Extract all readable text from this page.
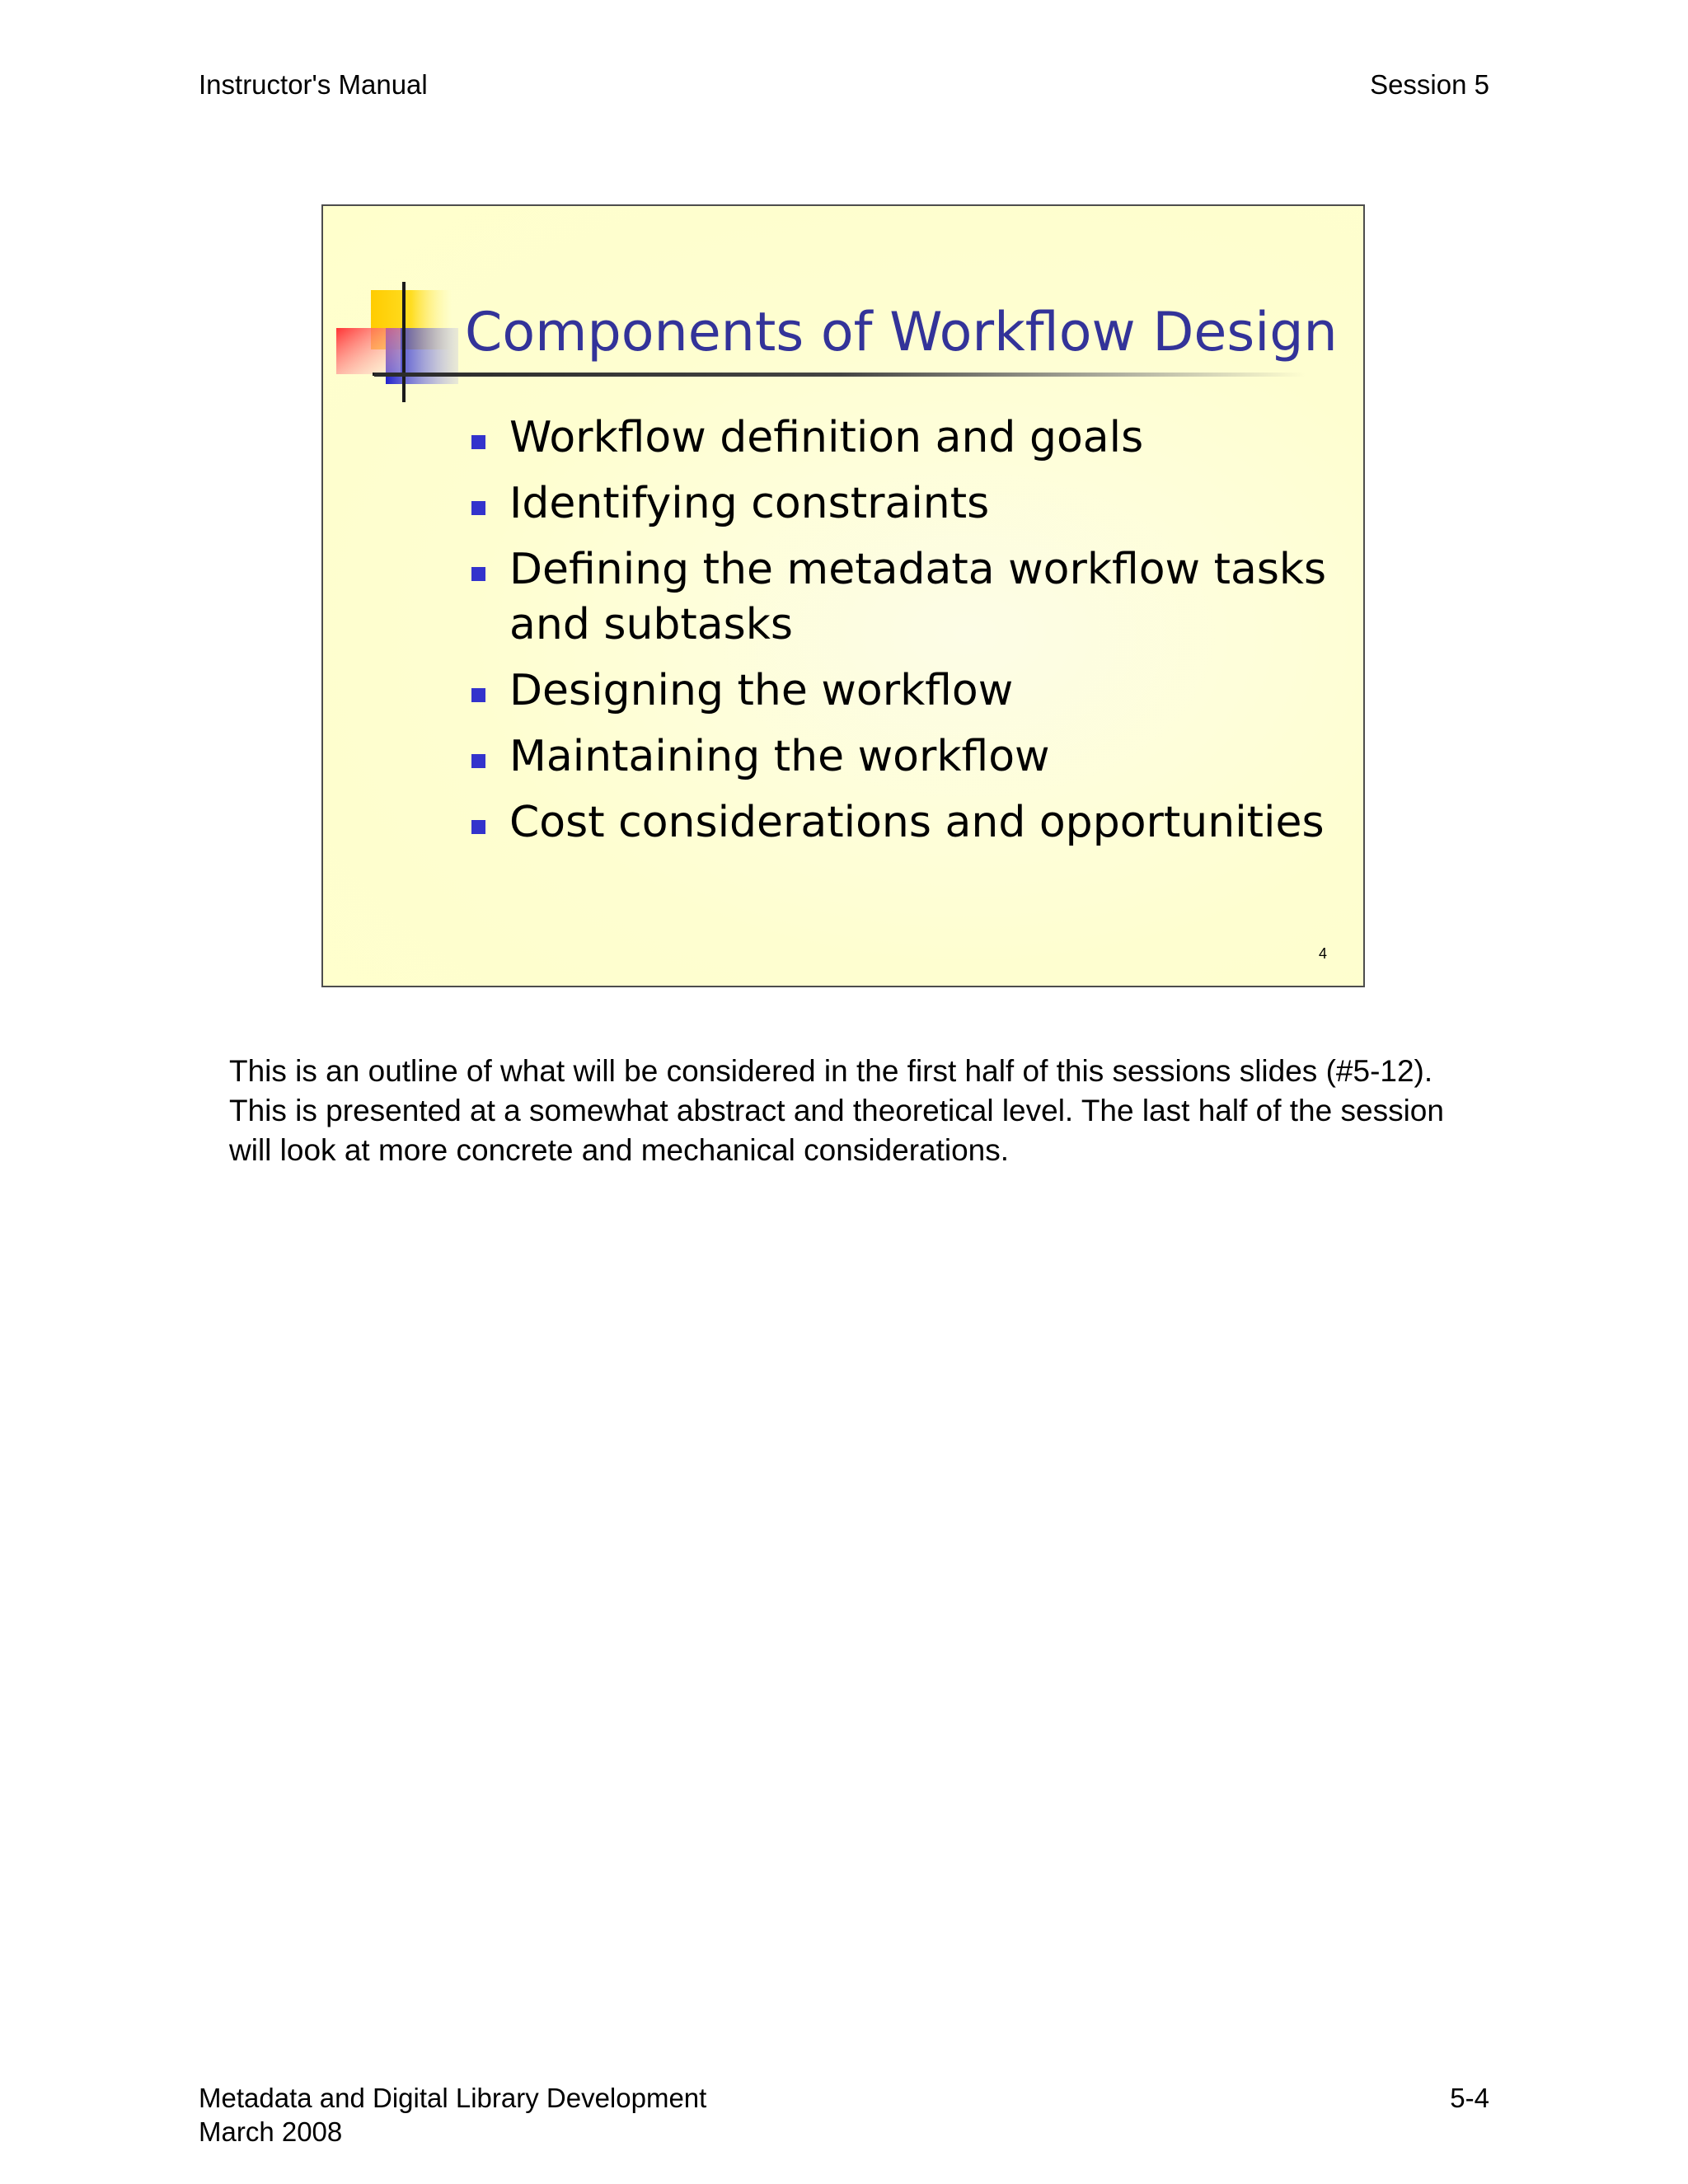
Instructor's Manual	Session 5
Components of Workflow Design
Workflow definition and goals
Identifying constraints
Defining the metadata workflow tasks and subtasks
Designing the workflow
Maintaining the workflow
Cost considerations and opportunities
4
This is an outline of what will be considered in the first half of this sessions slides (#5-12). This is presented at a somewhat abstract and theoretical level. The last half of the session will look at more concrete and mechanical considerations.
Metadata and Digital Library Development
March 2008
5-4
